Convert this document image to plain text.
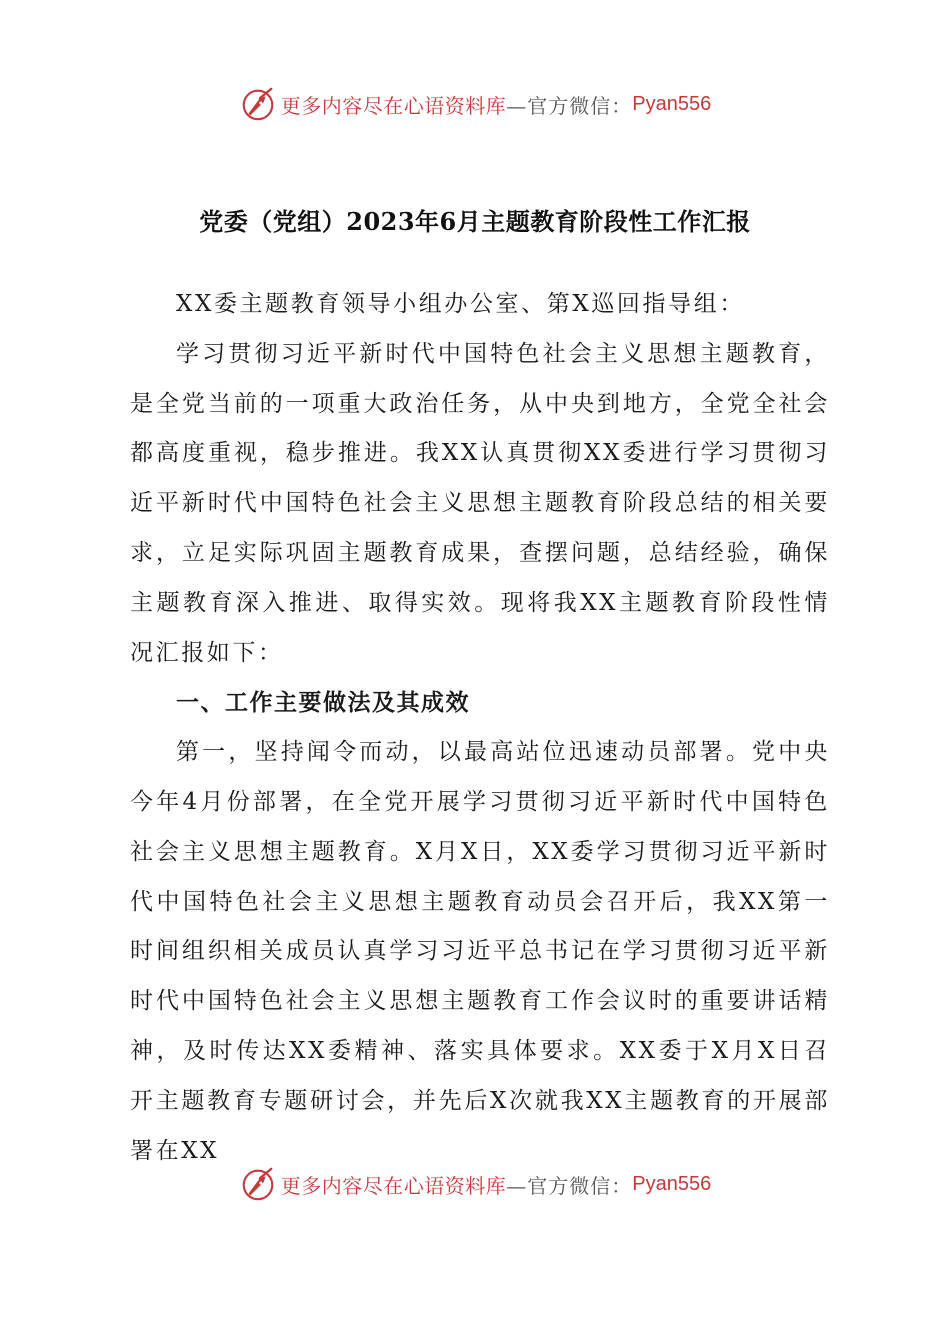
更多内容尽在心语资料库 —官方微信： Pyan556
党委（党组）2023年6月主题教育阶段性工作汇报

XX委主题教育领导小组办公室、第X巡回指导组：

学习贯彻习近平新时代中国特色社会主义思想主题教育，是全党当前的一项重大政治任务，从中央到地方，全党全社会都高度重视，稳步推进。我XX认真贯彻XX委进行学习贯彻习近平新时代中国特色社会主义思想主题教育阶段总结的相关要求，立足实际巩固主题教育成果，查摆问题，总结经验，确保主题教育深入推进、取得实效。现将我XX主题教育阶段性情况汇报如下：

一、工作主要做法及其成效

第一，坚持闻令而动，以最高站位迅速动员部署。党中央今年4月份部署，在全党开展学习贯彻习近平新时代中国特色社会主义思想主题教育。X月X日，XX委学习贯彻习近平新时代中国特色社会主义思想主题教育动员会召开后，我XX第一时间组织相关成员认真学习习近平总书记在学习贯彻习近平新时代中国特色社会主义思想主题教育工作会议时的重要讲话精神，及时传达XX委精神、落实具体要求。XX委于X月X日召开主题教育专题研讨会，并先后X次就我XX主题教育的开展部署在XX

更多内容尽在心语资料库 —官方微信： Pyan556
